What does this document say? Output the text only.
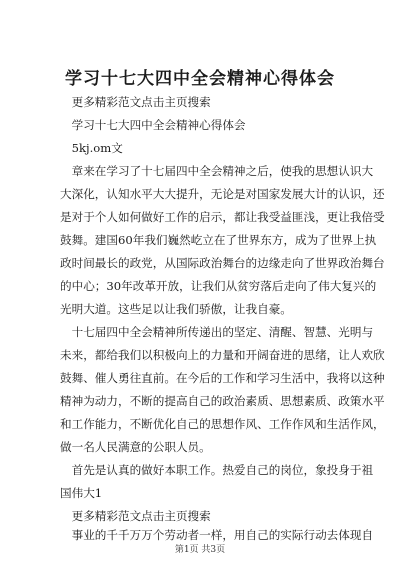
学习十七大四中全会精神心得体会
　更多精彩范文点击主页搜索
　学习十七大四中全会精神心得体会
　5kj.om文
　章来在学习了十七届四中全会精神之后，使我的思想认识大
大深化，认知水平大大提升，无论是对国家发展大计的认识，还
是对于个人如何做好工作的启示，都让我受益匪浅，更让我倍受
鼓舞。建国60年我们巍然屹立在了世界东方，成为了世界上执
政时间最长的政党，从国际政治舞台的边缘走向了世界政治舞台
的中心；30年改革开放，让我们从贫穷落后走向了伟大复兴的
光明大道。这些足以让我们骄傲，让我自豪。
　十七届四中全会精神所传递出的坚定、清醒、智慧、光明与
未来，都给我们以积极向上的力量和开阔奋进的思绪，让人欢欣
鼓舞、催人勇往直前。在今后的工作和学习生活中，我将以这种
精神为动力，不断的提高自己的政治素质、思想素质、政策水平
和工作能力，不断优化自己的思想作风、工作作风和生活作风，
做一名人民满意的公职人员。
　首先是认真的做好本职工作。热爱自己的岗位，象投身于祖
国伟大1
　更多精彩范文点击主页搜索
　事业的千千万万个劳动者一样，用自己的实际行动去体现自
第1页 共3页
